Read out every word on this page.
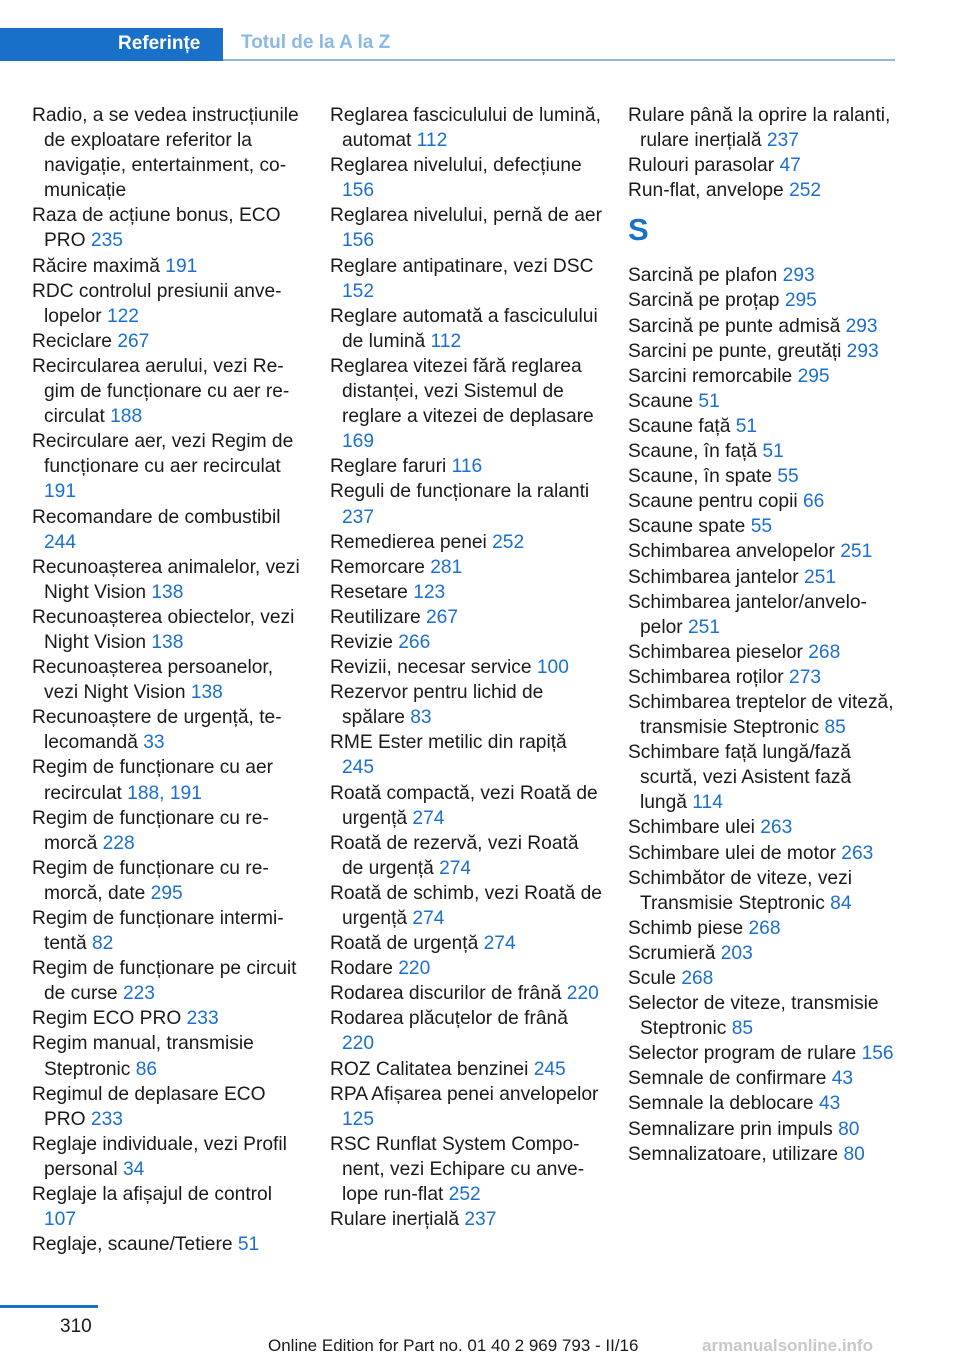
Referințe	Totul de la A la Z
Radio, a se vedea instrucțiunile de exploatare referitor la navigație, entertainment, comunicație
Raza de acțiune bonus, ECO PRO 235
Răcire maximă 191
RDC controlul presiunii anvelopelor 122
Reciclare 267
Recircularea aerului, vezi Regim de funcționare cu aer recirculat 188
Recirculare aer, vezi Regim de funcționare cu aer recirculat 191
Recomandare de combustibil 244
Recunoașterea animalelor, vezi Night Vision 138
Recunoașterea obiectelor, vezi Night Vision 138
Recunoașterea persoanelor, vezi Night Vision 138
Recunoaștere de urgență, telecomandă 33
Regim de funcționare cu aer recirculat 188, 191
Regim de funcționare cu remorcă 228
Regim de funcționare cu remorcă, date 295
Regim de funcționare intermitentă 82
Regim de funcționare pe circuit de curse 223
Regim ECO PRO 233
Regim manual, transmisie Steptronic 86
Regimul de deplasare ECO PRO 233
Reglaje individuale, vezi Profil personal 34
Reglaje la afișajul de control 107
Reglaje, scaune/Tetiere 51
Reglarea fasciculului de lumină, automat 112
Reglarea nivelului, defecțiune 156
Reglarea nivelului, pernă de aer 156
Reglare antipatinare, vezi DSC 152
Reglare automată a fasciculului de lumină 112
Reglarea vitezei fără reglarea distanței, vezi Sistemul de reglare a vitezei de deplasare 169
Reglare faruri 116
Reguli de funcționare la ralanti 237
Remedierea penei 252
Remorcare 281
Resetare 123
Reutilizare 267
Revizie 266
Revizii, necesar service 100
Rezervor pentru lichid de spălare 83
RME Ester metilic din rapiță 245
Roată compactă, vezi Roată de urgență 274
Roată de rezervă, vezi Roată de urgență 274
Roată de schimb, vezi Roată de urgență 274
Roată de urgență 274
Rodare 220
Rodarea discurilor de frână 220
Rodarea plăcuțelor de frână 220
ROZ Calitatea benzinei 245
RPA Afișarea penei anvelopelor 125
RSC Runflat System Component, vezi Echipare cu anvelope run-flat 252
Rulare inerțială 237
Rulare până la oprire la ralanti, rulare inerțială 237
Rulouri parasolar 47
Run-flat, anvelope 252
S
Sarcină pe plafon 293
Sarcină pe proțap 295
Sarcină pe punte admisă 293
Sarcini pe punte, greutăți 293
Sarcini remorcabile 295
Scaune 51
Scaune față 51
Scaune, în față 51
Scaune, în spate 55
Scaune pentru copii 66
Scaune spate 55
Schimbarea anvelopelor 251
Schimbarea jantelor 251
Schimbarea jantelor/anvelopelor 251
Schimbarea pieselor 268
Schimbarea roților 273
Schimbarea treptelor de viteză, transmisie Steptronic 85
Schimbare față lungă/fază scurtă, vezi Asistent fază lungă 114
Schimbare ulei 263
Schimbare ulei de motor 263
Schimbător de viteze, vezi Transmisie Steptronic 84
Schimb piese 268
Scrumieră 203
Scule 268
Selector de viteze, transmisie Steptronic 85
Selector program de rulare 156
Semnale de confirmare 43
Semnale la deblocare 43
Semnalizare prin impuls 80
Semnalizatoare, utilizare 80
310
Online Edition for Part no. 01 40 2 969 793 - II/16	armanualsonline.info
